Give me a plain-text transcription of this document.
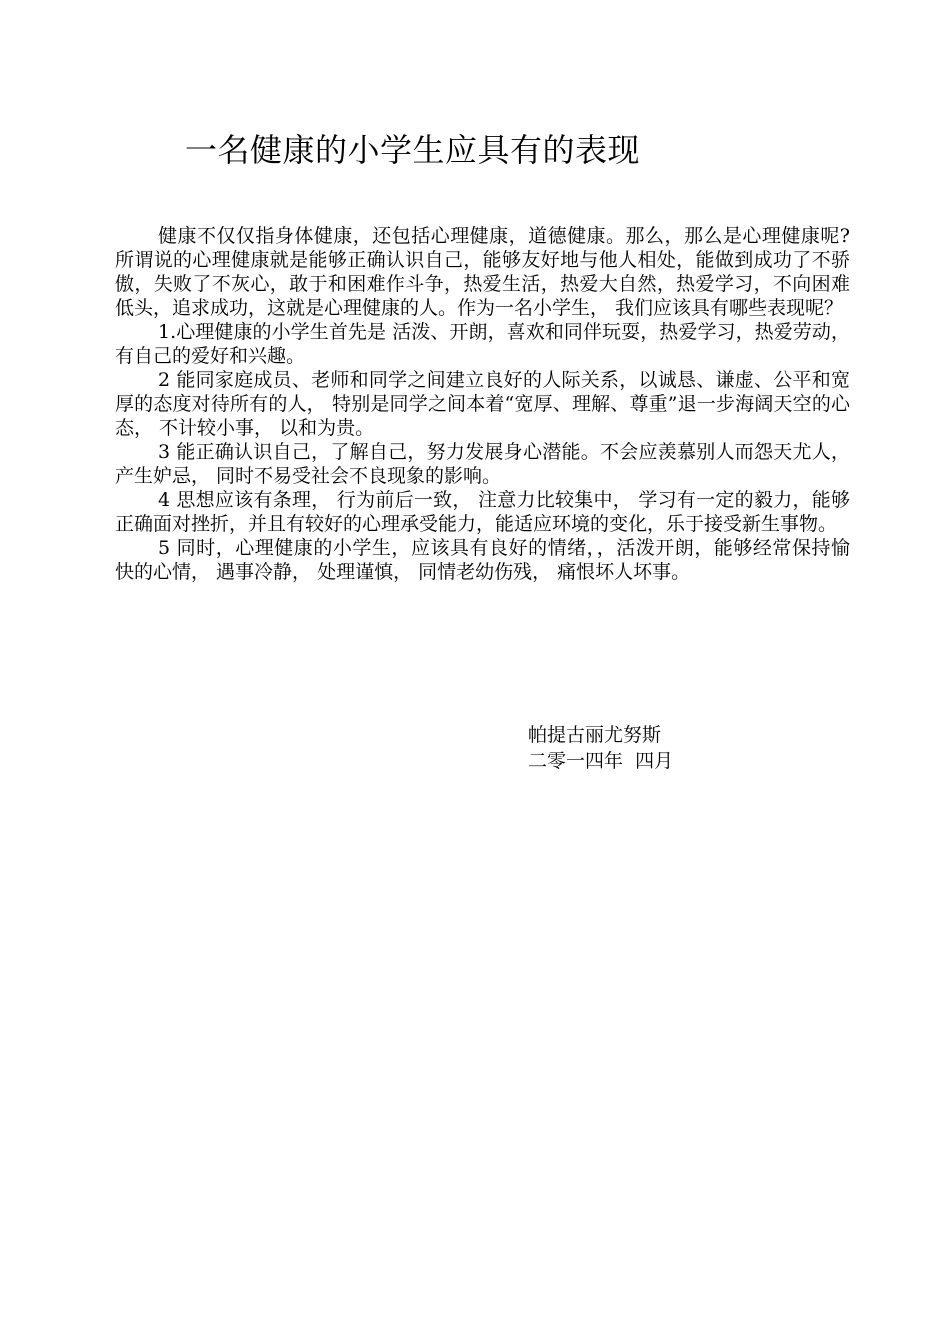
一名健康的小学生应具有的表现

健康不仅仅指身体健康，还包括心理健康，道德健康。那么，那么是心理健康呢? 所谓说的心理健康就是能够正确认识自己，能够友好地与他人相处，能做到成功了不骄傲，失败了不灰心，敢于和困难作斗争，热爱生活，热爱大自然，热爱学习，不向困难低头，追求成功，这就是心理健康的人。作为一名小学生， 我们应该具有哪些表现呢？

1.心理健康的小学生首先是 活泼、开朗，喜欢和同伴玩耍，热爱学习，热爱劳动， 有自己的爱好和兴趣。

2 能同家庭成员、老师和同学之间建立良好的人际关系，以诚恳、谦虚、公平和宽厚的态度对待所有的人， 特别是同学之间本着“宽厚、理解、尊重”退一步海阔天空的心态， 不计较小事， 以和为贵。

3 能正确认识自己，了解自己，努力发展身心潜能。不会应羡慕别人而怨天尤人， 产生妒忌， 同时不易受社会不良现象的影响。

4 思想应该有条理， 行为前后一致， 注意力比较集中， 学习有一定的毅力，能够正确面对挫折，并且有较好的心理承受能力，能适应环境的变化，乐于接受新生事物。

5 同时，心理健康的小学生，应该具有良好的情绪，，活泼开朗，能够经常保持愉快的心情， 遇事冷静， 处理谨慎， 同情老幼伤残， 痛恨坏人坏事。

帕提古丽尤努斯
二零一四年  四月
